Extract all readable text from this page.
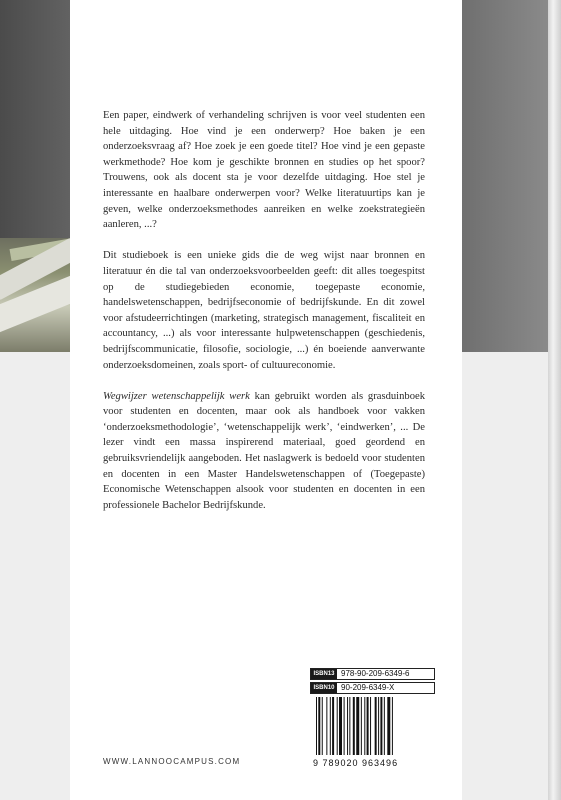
Een paper, eindwerk of verhandeling schrijven is voor veel studenten een hele uitdaging. Hoe vind je een onderwerp? Hoe baken je een onderzoeksvraag af? Hoe zoek je een goede titel? Hoe vind je een gepaste werkmethode? Hoe kom je geschikte bronnen en studies op het spoor? Trouwens, ook als docent sta je voor dezelfde uitdaging. Hoe stel je interessante en haalbare onderwerpen voor? Welke literatuurtips kan je geven, welke onderzoeksmethodes aanreiken en welke zoekstrategieën aanleren, ...?

Dit studieboek is een unieke gids die de weg wijst naar bronnen en literatuur én die tal van onderzoeksvoorbeelden geeft: dit alles toegespitst op de studiegebieden economie, toegepaste economie, handelswetenschappen, bedrijfseconomie of bedrijfskunde. En dit zowel voor afstudeerrichtingen (marketing, strategisch management, fiscaliteit en accountancy, ...) als voor interessante hulpwetenschappen (geschiedenis, bedrijfscommunicatie, filosofie, sociologie, ...) én boeiende aanverwante onderzoeksdomeinen, zoals sport- of cultuureconomie.

Wegwijzer wetenschappelijk werk kan gebruikt worden als grasduinboek voor studenten en docenten, maar ook als handboek voor vakken ‘onderzoeksmethodologie’, ‘wetenschappelijk werk’, ‘eindwerken’, ... De lezer vindt een massa inspirerend materiaal, goed geordend en gebruiksvriendelijk aangeboden. Het naslagwerk is bedoeld voor studenten en docenten in een Master Handelswetenschappen of (Toegepaste) Economische Wetenschappen alsook voor studenten en docenten in een professionele Bachelor Bedrijfskunde.

ISBN13 978-90-209-6349-6
ISBN10 90-209-6349-X
9 789020 963496
WWW.LANNOOCAMPUS.COM
